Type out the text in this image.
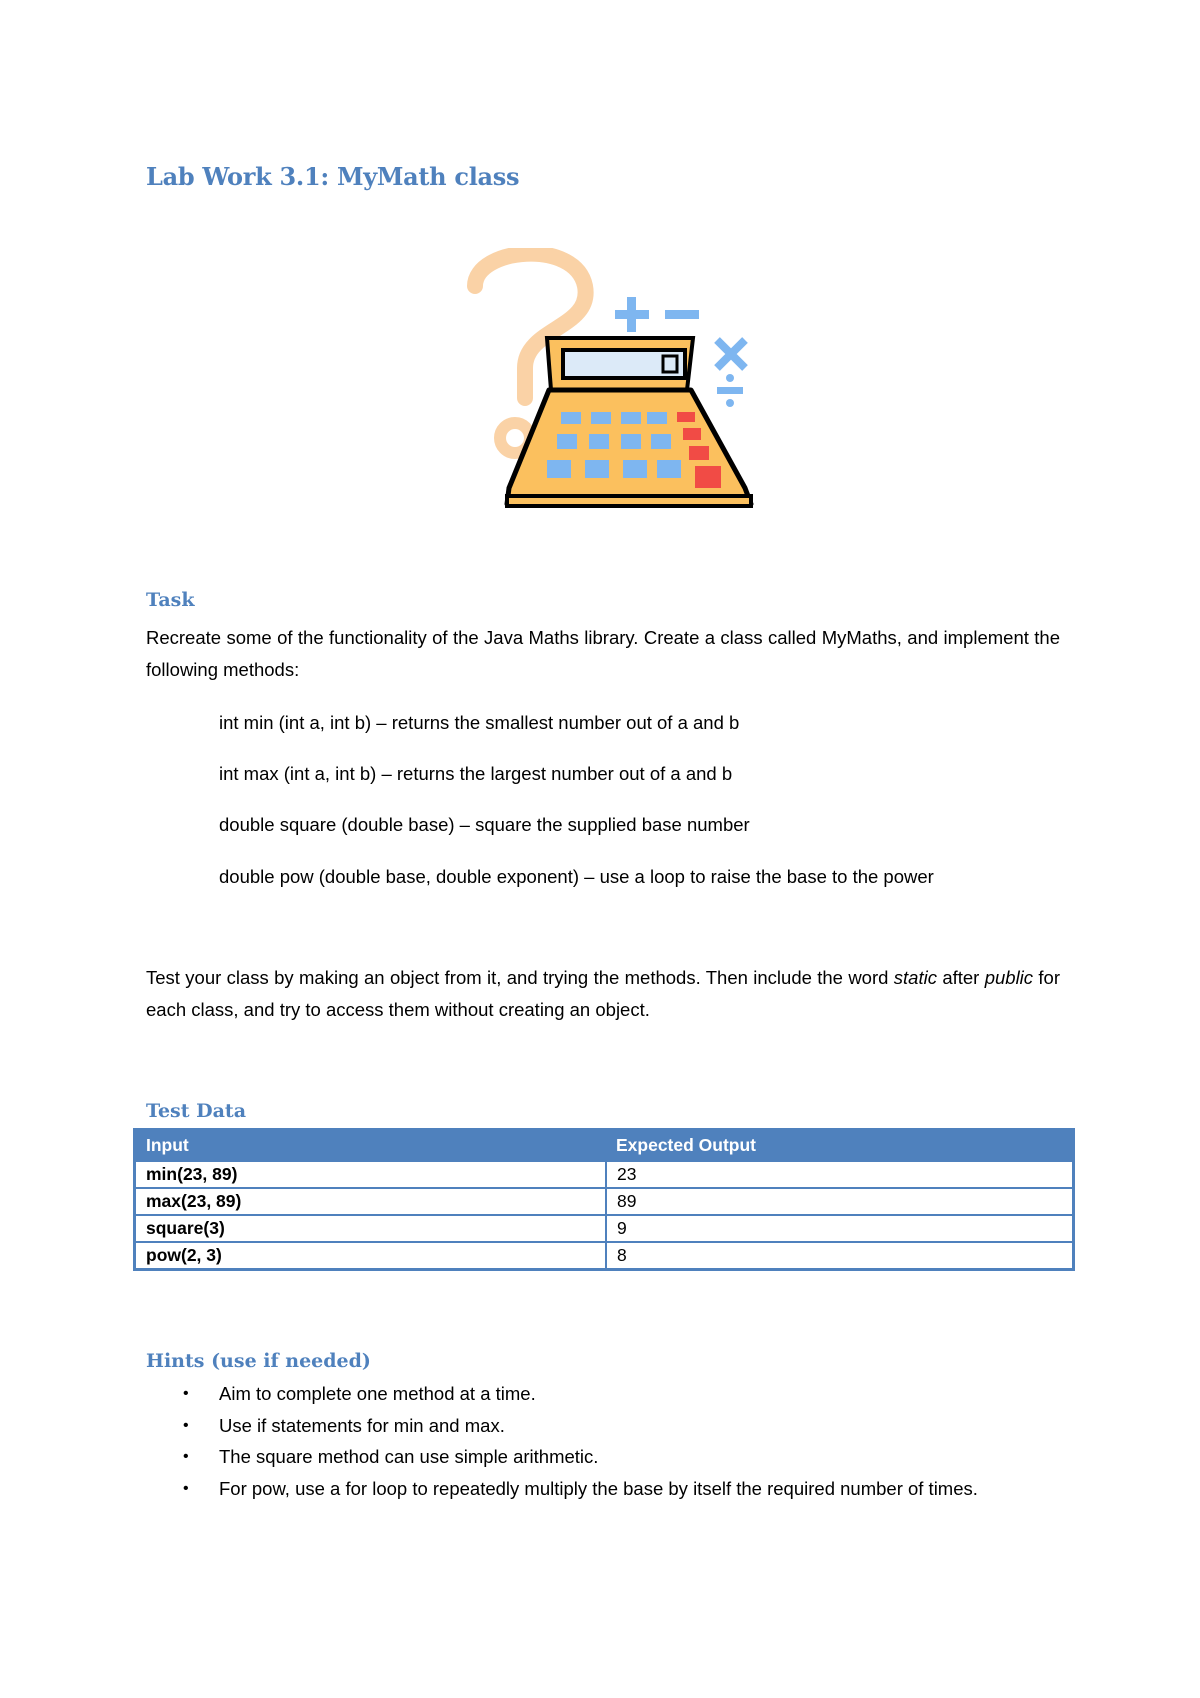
Lab Work 3.1: MyMath class
Task

Recreate some of the functionality of the Java Maths library. Create a class called MyMaths, and implement the following methods:

int min (int a, int b) – returns the smallest number out of a and b

int max (int a, int b) – returns the largest number out of a and b

double square (double base) – square the supplied base number

double pow (double base, double exponent) – use a loop to raise the base to the power

Test your class by making an object from it, and trying the methods. Then include the word static after public for each class, and try to access them without creating an object.

Test Data
Input	Expected Output
min(23, 89)	23
max(23, 89)	89
square(3)	9
pow(2, 3)	8
Hints (use if needed)
• Aim to complete one method at a time.
• Use if statements for min and max.
• The square method can use simple arithmetic.
• For pow, use a for loop to repeatedly multiply the base by itself the required number of times.
